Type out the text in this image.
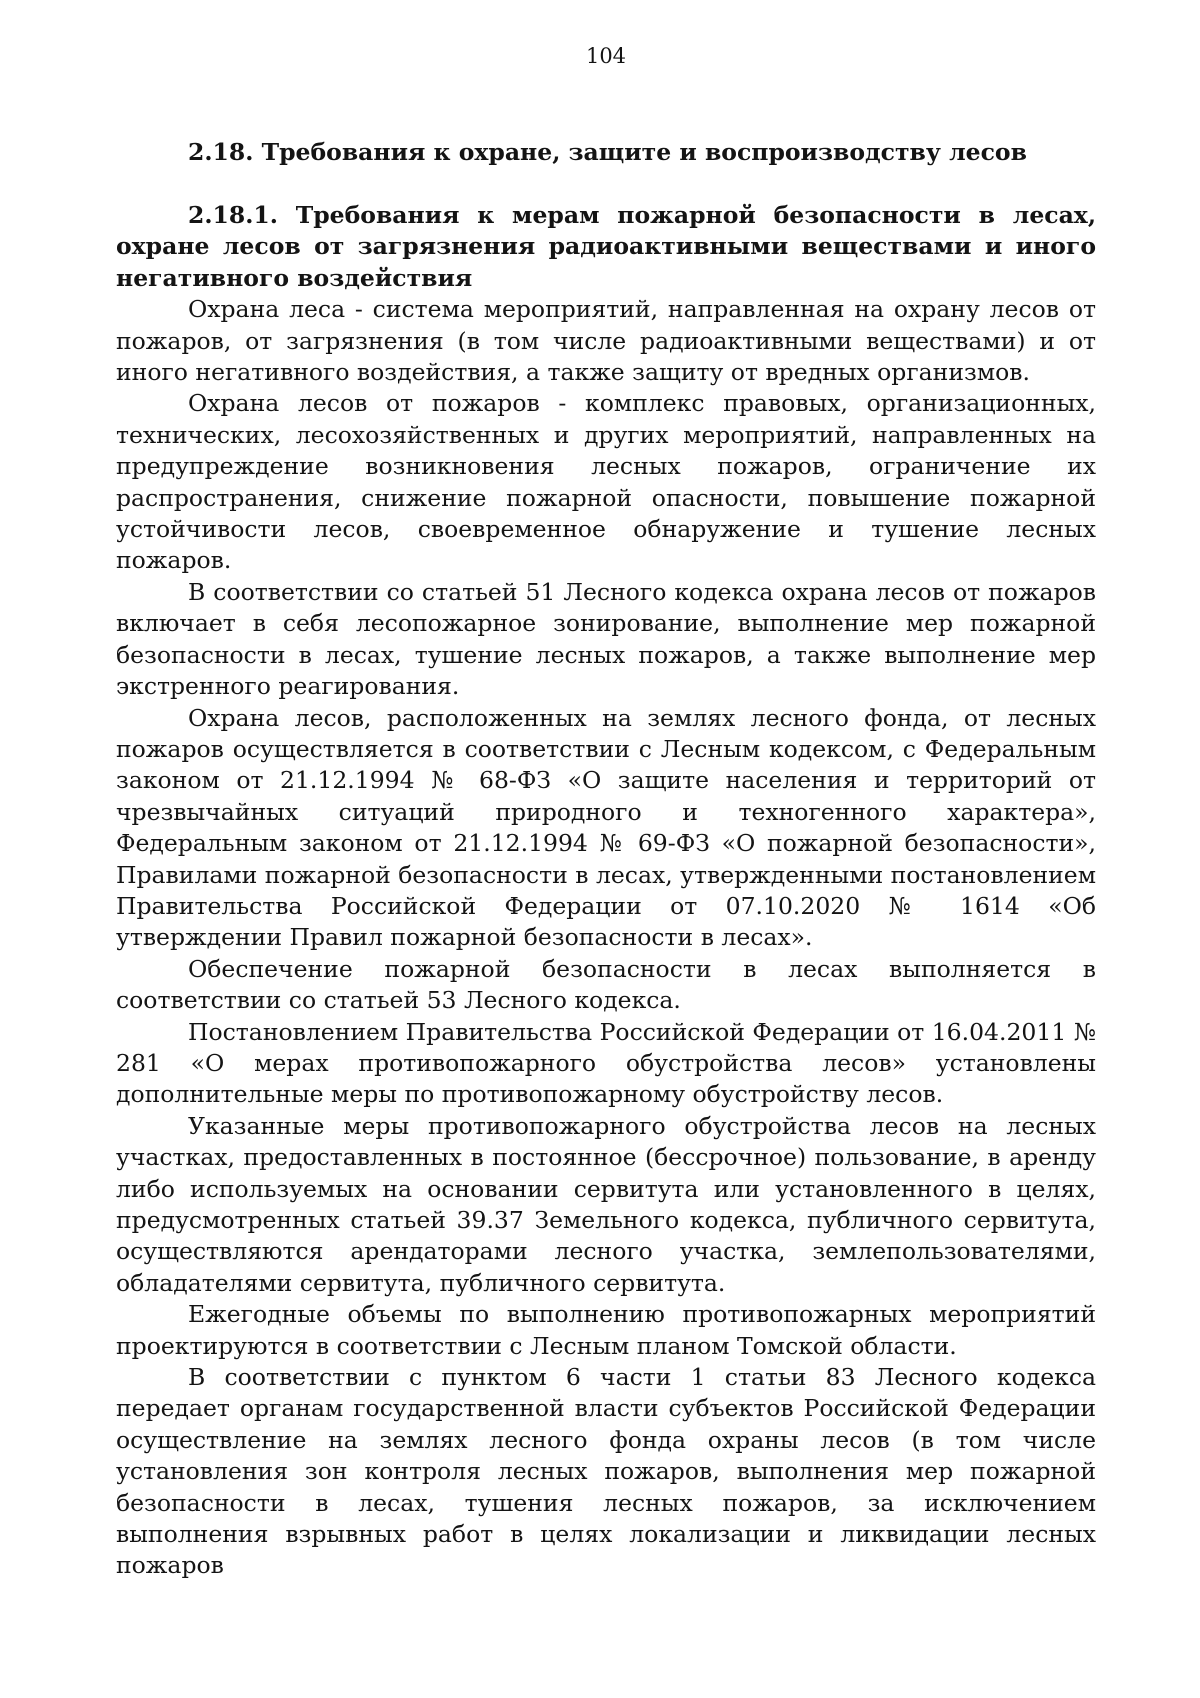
104
2.18. Требования к охране, защите и воспроизводству лесов

2.18.1. Требования к мерам пожарной безопасности в лесах, охране лесов от загрязнения радиоактивными веществами и иного негативного воздействия

Охрана леса - система мероприятий, направленная на охрану лесов от пожаров, от загрязнения (в том числе радиоактивными веществами) и от иного негативного воздействия, а также защиту от вредных организмов.

Охрана лесов от пожаров - комплекс правовых, организационных, технических, лесохозяйственных и других мероприятий, направленных на предупреждение возникновения лесных пожаров, ограничение их распространения, снижение пожарной опасности, повышение пожарной устойчивости лесов, своевременное обнаружение и тушение лесных пожаров.

В соответствии со статьей 51 Лесного кодекса охрана лесов от пожаров включает в себя лесопожарное зонирование, выполнение мер пожарной безопасности в лесах, тушение лесных пожаров, а также выполнение мер экстренного реагирования.

Охрана лесов, расположенных на землях лесного фонда, от лесных пожаров осуществляется в соответствии с Лесным кодексом, с Федеральным законом от 21.12.1994 № 68-ФЗ «О защите населения и территорий от чрезвычайных ситуаций природного и техногенного характера», Федеральным законом от 21.12.1994 № 69-ФЗ «О пожарной безопасности», Правилами пожарной безопасности в лесах, утвержденными постановлением Правительства Российской Федерации от 07.10.2020 № 1614 «Об утверждении Правил пожарной безопасности в лесах».

Обеспечение пожарной безопасности в лесах выполняется в соответствии со статьей 53 Лесного кодекса.

Постановлением Правительства Российской Федерации от 16.04.2011 № 281 «О мерах противопожарного обустройства лесов» установлены дополнительные меры по противопожарному обустройству лесов.

Указанные меры противопожарного обустройства лесов на лесных участках, предоставленных в постоянное (бессрочное) пользование, в аренду либо используемых на основании сервитута или установленного в целях, предусмотренных статьей 39.37 Земельного кодекса, публичного сервитута, осуществляются арендаторами лесного участка, землепользователями, обладателями сервитута, публичного сервитута.

Ежегодные объемы по выполнению противопожарных мероприятий проектируются в соответствии с Лесным планом Томской области.

В соответствии с пунктом 6 части 1 статьи 83 Лесного кодекса передает органам государственной власти субъектов Российской Федерации осуществление на землях лесного фонда охраны лесов (в том числе установления зон контроля лесных пожаров, выполнения мер пожарной безопасности в лесах, тушения лесных пожаров, за исключением выполнения взрывных работ в целях локализации и ликвидации лесных пожаров
